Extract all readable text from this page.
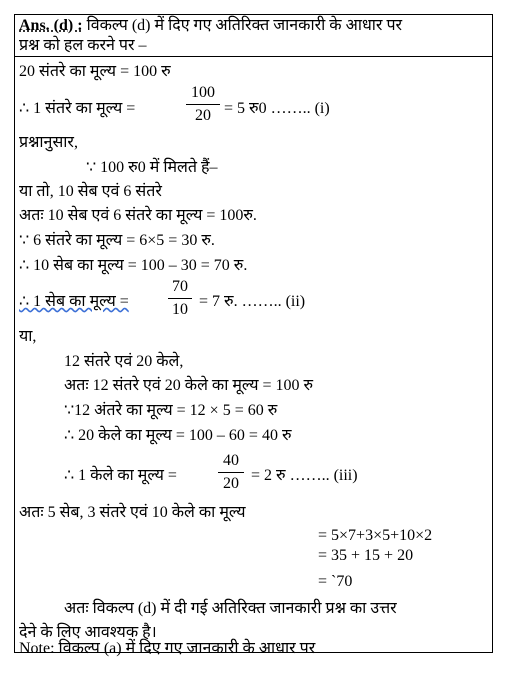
Ans. (d) : विकल्प (d) में दिए गए अतिरिक्त जानकारी के आधार पर
प्रश्न को हल करने पर –
20 संतरे का मूल्य = 100 रु
∴ 1 संतरे का मूल्य =
100
20 = 5 रु0 …….. (i)
प्रश्नानुसार,
∵ 100 रु0 में मिलते हैं–
या तो, 10 सेब एवं 6 संतरे
अतः 10 सेब एवं 6 संतरे का मूल्य = 100रु.
∵ 6 संतरे का मूल्य = 6×5 = 30 रु.
∴ 10 सेब का मूल्य = 100 – 30 = 70 रु.
∴ 1 सेब का मूल्य =
70
10 = 7 रु. …….. (ii)
या,
12 संतरे एवं 20 केले,
अतः 12 संतरे एवं 20 केले का मूल्य = 100 रु
∵12 अंतरे का मूल्य = 12 × 5 = 60 रु
∴ 20 केले का मूल्य = 100 – 60 = 40 रु
∴ 1 केले का मूल्य =
40
20 = 2 रु …….. (iii)
अतः 5 सेब, 3 संतरे एवं 10 केले का मूल्य
= 5×7+3×5+10×2
= 35 + 15 + 20
= `70
अतः विकल्प (d) में दी गई अतिरिक्त जानकारी प्रश्न का उत्तर
देने के लिए आवश्यक है।
Note: विकल्प (a) में दिए गए जानकारी के आधार पर
